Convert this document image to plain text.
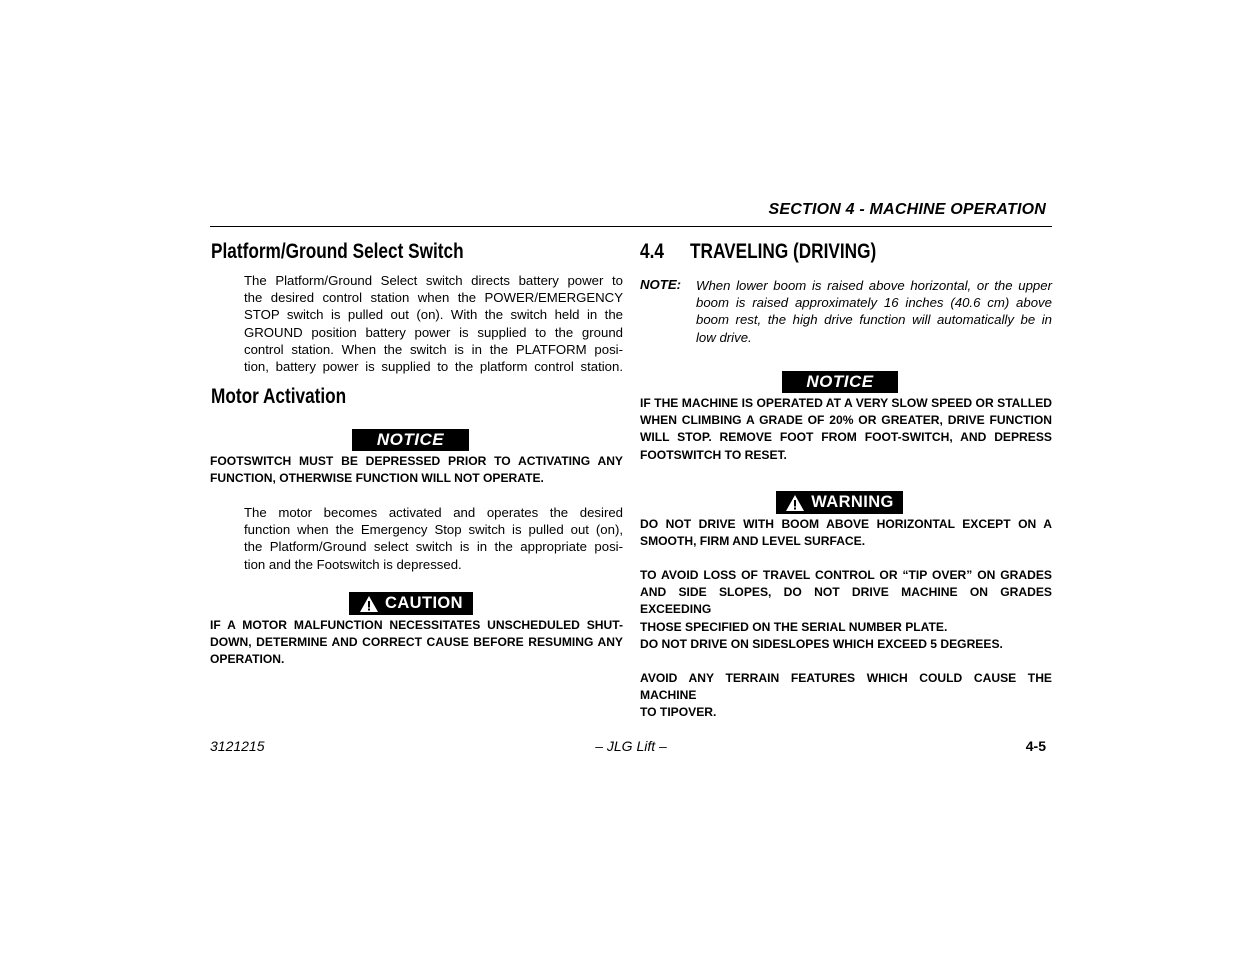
SECTION 4 - MACHINE OPERATION
Platform/Ground Select Switch
The Platform/Ground Select switch directs battery power to
the desired control station when the POWER/EMERGENCY
STOP switch is pulled out (on). With the switch held in the
GROUND position battery power is supplied to the ground
control station. When the switch is in the PLATFORM posi-
tion, battery power is supplied to the platform control station.
Motor Activation
NOTICE
FOOTSWITCH MUST BE DEPRESSED PRIOR TO ACTIVATING ANY
FUNCTION, OTHERWISE FUNCTION WILL NOT OPERATE.
The motor becomes activated and operates the desired
function when the Emergency Stop switch is pulled out (on),
the Platform/Ground select switch is in the appropriate posi-
tion and the Footswitch is depressed.
CAUTION
IF A MOTOR MALFUNCTION NECESSITATES UNSCHEDULED SHUT-
DOWN, DETERMINE AND CORRECT CAUSE BEFORE RESUMING ANY
OPERATION.
4.4 TRAVELING (DRIVING)
NOTE: When lower boom is raised above horizontal, or the upper
boom is raised approximately 16 inches (40.6 cm) above
boom rest, the high drive function will automatically be in
low drive.
NOTICE
IF THE MACHINE IS OPERATED AT A VERY SLOW SPEED OR STALLED
WHEN CLIMBING A GRADE OF 20% OR GREATER, DRIVE FUNCTION
WILL STOP. REMOVE FOOT FROM FOOT-SWITCH, AND DEPRESS
FOOTSWITCH TO RESET.
WARNING
DO NOT DRIVE WITH BOOM ABOVE HORIZONTAL EXCEPT ON A
SMOOTH, FIRM AND LEVEL SURFACE.
TO AVOID LOSS OF TRAVEL CONTROL OR “TIP OVER” ON GRADES
AND SIDE SLOPES, DO NOT DRIVE MACHINE ON GRADES EXCEEDING
THOSE SPECIFIED ON THE SERIAL NUMBER PLATE.
DO NOT DRIVE ON SIDESLOPES WHICH EXCEED 5 DEGREES.
AVOID ANY TERRAIN FEATURES WHICH COULD CAUSE THE MACHINE
TO TIPOVER.
3121215	– JLG Lift –	4-5
